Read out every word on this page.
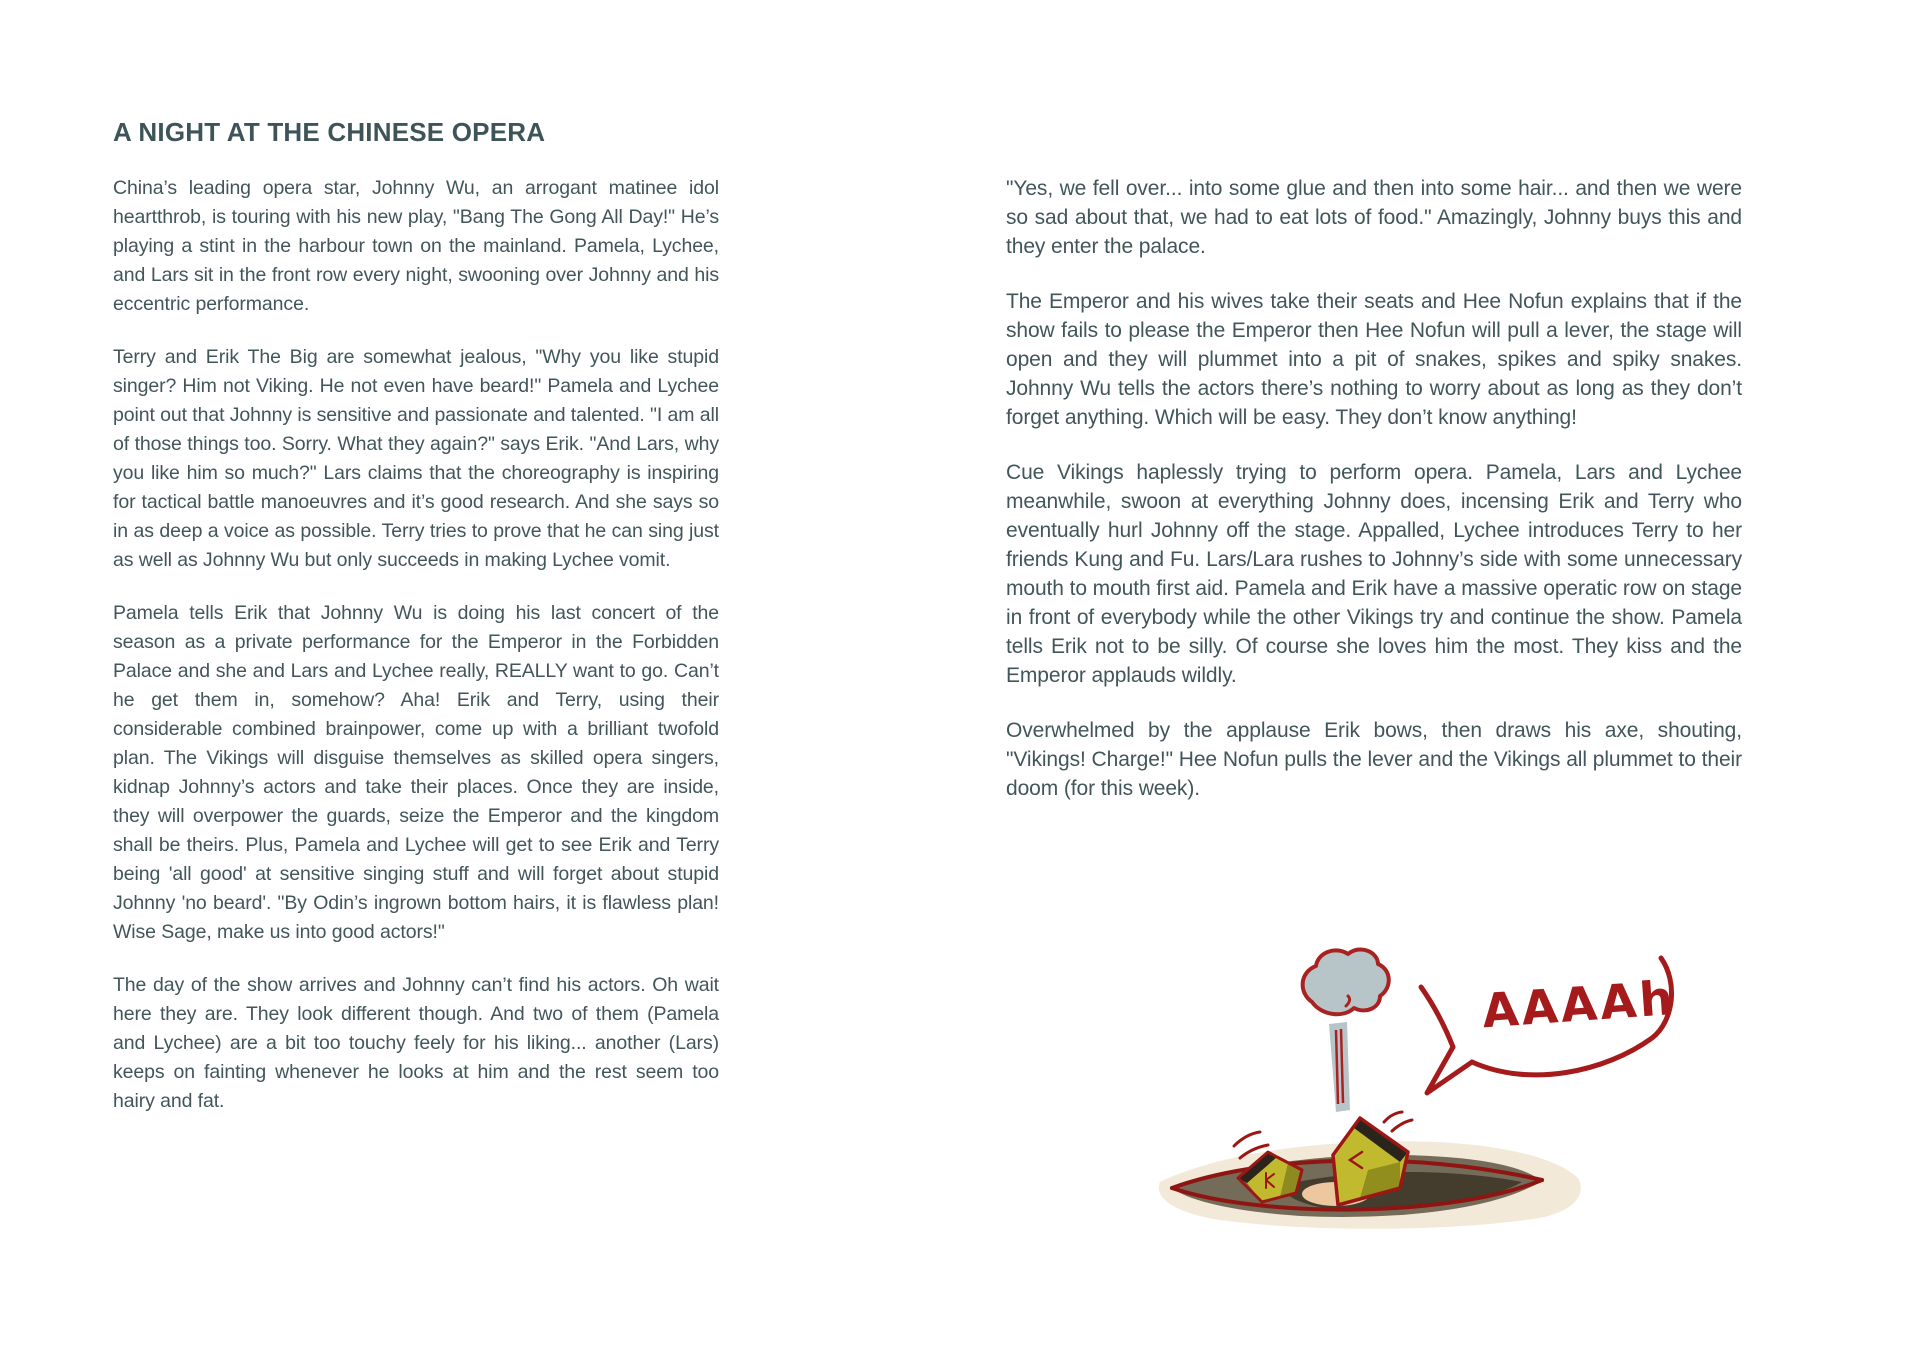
A NIGHT AT THE CHINESE OPERA

China’s leading opera star, Johnny Wu, an arrogant matinee idol heartthrob, is touring with his new play, "Bang The Gong All Day!" He’s playing a stint in the harbour town on the mainland. Pamela, Lychee, and Lars sit in the front row every night, swooning over Johnny and his eccentric performance.

Terry and Erik The Big are somewhat jealous, "Why you like stupid singer? Him not Viking. He not even have beard!" Pamela and Lychee point out that Johnny is sensitive and passionate and talented. "I am all of those things too. Sorry. What they again?" says Erik. "And Lars, why you like him so much?" Lars claims that the choreography is inspiring for tactical battle manoeuvres and it’s good research. And she says so in as deep a voice as possible. Terry tries to prove that he can sing just as well as Johnny Wu but only succeeds in making Lychee vomit.

Pamela tells Erik that Johnny Wu is doing his last concert of the season as a private performance for the Emperor in the Forbidden Palace and she and Lars and Lychee really, REALLY want to go. Can’t he get them in, somehow? Aha! Erik and Terry, using their considerable combined brainpower, come up with a brilliant twofold plan. The Vikings will disguise themselves as skilled opera singers, kidnap Johnny’s actors and take their places. Once they are inside, they will overpower the guards, seize the Emperor and the kingdom shall be theirs. Plus, Pamela and Lychee will get to see Erik and Terry being 'all good' at sensitive singing stuff and will forget about stupid Johnny 'no beard'. "By Odin’s ingrown bottom hairs, it is flawless plan! Wise Sage, make us into good actors!"

The day of the show arrives and Johnny can’t find his actors. Oh wait here they are. They look different though. And two of them (Pamela and Lychee) are a bit too touchy feely for his liking... another (Lars) keeps on fainting whenever he looks at him and the rest seem too hairy and fat.

"Yes, we fell over... into some glue and then into some hair... and then we were so sad about that, we had to eat lots of food." Amazingly, Johnny buys this and they enter the palace.

The Emperor and his wives take their seats and Hee Nofun explains that if the show fails to please the Emperor then Hee Nofun will pull a lever, the stage will open and they will plummet into a pit of snakes, spikes and spiky snakes. Johnny Wu tells the actors there’s nothing to worry about as long as they don’t forget anything. Which will be easy. They don’t know anything!

Cue Vikings haplessly trying to perform opera. Pamela, Lars and Lychee meanwhile, swoon at everything Johnny does, incensing Erik and Terry who eventually hurl Johnny off the stage. Appalled, Lychee introduces Terry to her friends Kung and Fu. Lars/Lara rushes to Johnny’s side with some unnecessary mouth to mouth first aid. Pamela and Erik have a massive operatic row on stage in front of everybody while the other Vikings try and continue the show. Pamela tells Erik not to be silly. Of course she loves him the most. They kiss and the Emperor applauds wildly.

Overwhelmed by the applause Erik bows, then draws his axe, shouting, "Vikings! Charge!" Hee Nofun pulls the lever and the Vikings all plummet to their doom (for this week).

AAAAh
